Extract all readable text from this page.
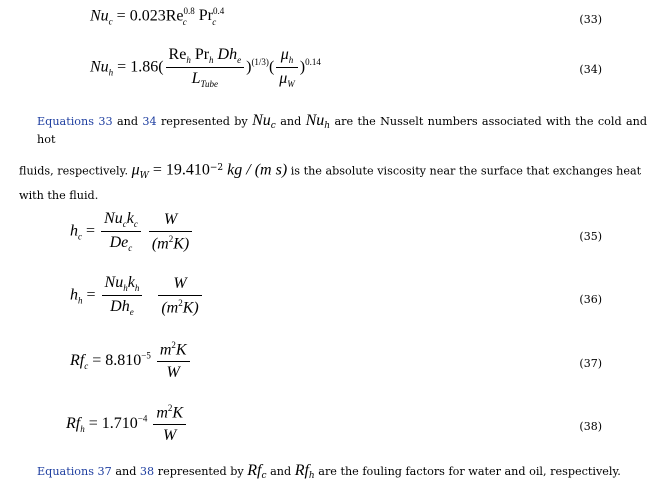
$Nu_c = 0.023Re^{0.8}_c$ $Pr^{0.4}_c$	(33)
$Nu_h = 1.86( \frac{Re_h Pr_h Dh_e}{L_{Tube}} )^{(1/3)}( \frac{\mu_h}{\mu_W} )^{0.14}$
(34)
Equations 33 and 34 represented by $Nu_c$ and $Nu_h$ are the Nusselt numbers associated with the cold and hot
fluids, respectively. $\mu_W = 19.410^{-2}$ kg / (m s) is the absolute viscosity near the surface that exchanges heat
with the fluid.
$h_c = \frac{Nu_ck_c}{De_c}$
$\frac{W}{(m^2K)}$	(35)
$h_h = \frac{Nu_hk_h}{Dh_e}$
$\frac{W}{(m^2K)}$	(36)
$Rf_c = 8.810^{-5} \frac{m^2K}{W}$	(37)
$Rf_h = 1.710^{-4} \frac{m^2K}{W}$	(38)
Equations 37 and 38 represented by $Rf_c$ and $Rf_h$ are the fouling factors for water and oil, respectively.
